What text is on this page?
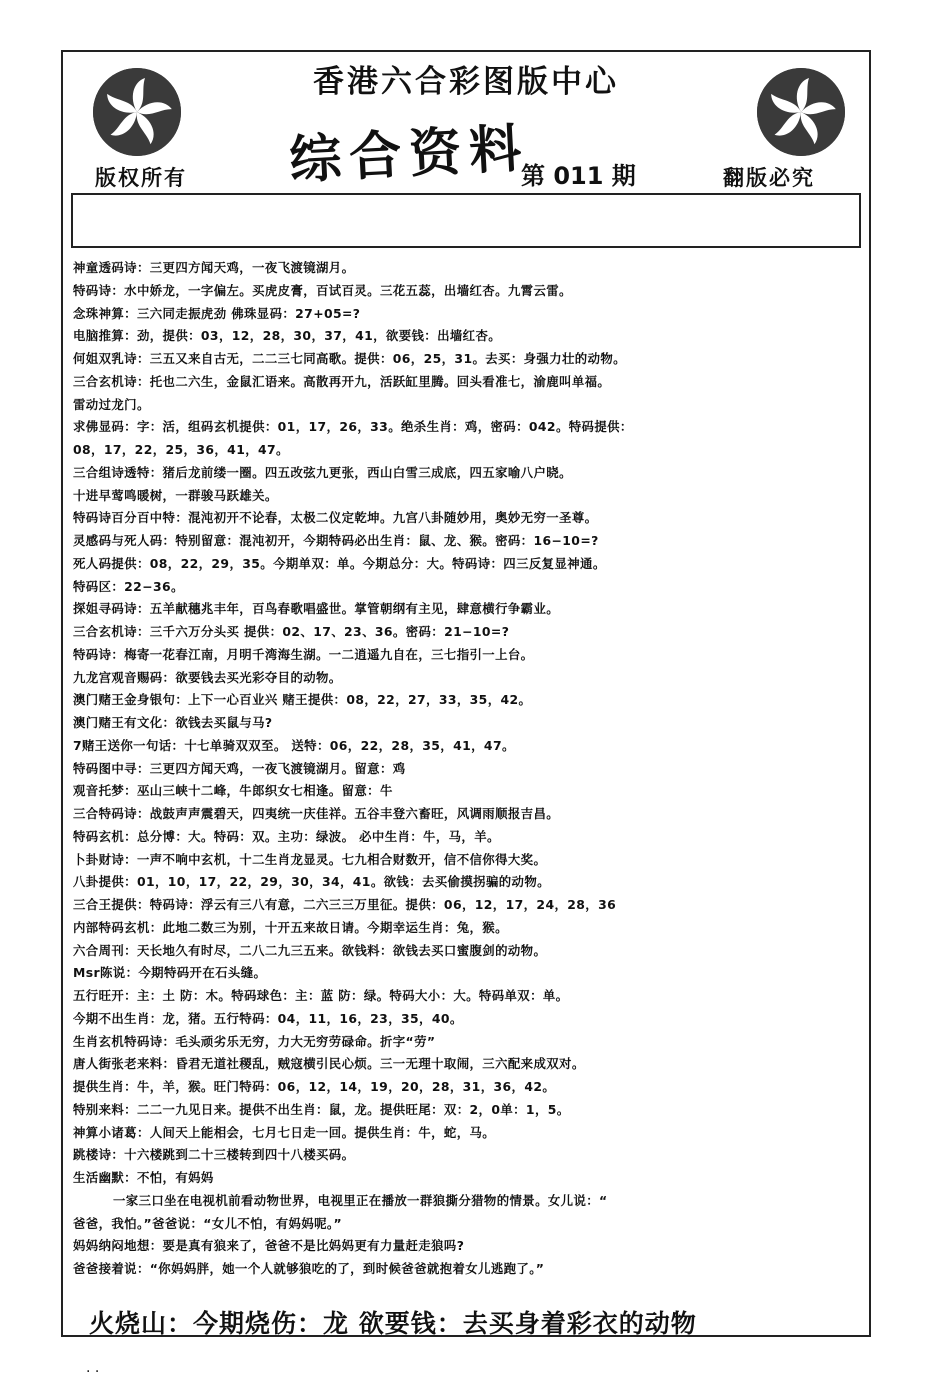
香港六合彩图版中心
综合资料
第 011 期
版权所有	翻版必究
神童透码诗：三更四方闻天鸡，一夜飞渡镜湖月。
特码诗：水中娇龙，一字偏左。买虎皮膏，百试百灵。三花五蕊，出墙红杏。九霄云雷。
念珠神算：三六同走振虎劲 佛珠显码：27+05=?
电脑推算：劲，提供：03，12，28，30，37，41，欲要钱：出墙红杏。
何姐双乳诗：三五又来自古无，二二三七同高歌。提供：06，25，31。去买：身强力壮的动物。
三合玄机诗：托也二六生，金鼠汇语来。高散再开九，活跃缸里腾。回头看准七，渝鹿叫单福。
雷动过龙门。
求佛显码：字：活，组码玄机提供：01，17，26，33。绝杀生肖：鸡，密码：042。特码提供：
08，17，22，25，36，41，47。
三合组诗透特：猪后龙前缕一圈。四五改弦九更张，西山白雪三成底，四五家喻八户晓。
十进早莺鸣暖树，一群骏马跃雄关。
特码诗百分百中特：混沌初开不论春，太极二仪定乾坤。九宫八卦随妙用，奥妙无穷一圣尊。
灵感码与死人码：特别留意：混沌初开，今期特码必出生肖：鼠、龙、猴。密码：16−10=?
死人码提供：08，22，29，35。今期单双：单。今期总分：大。特码诗：四三反复显神通。
特码区：22−36。
探姐寻码诗：五羊献穗兆丰年，百鸟春歌唱盛世。掌管朝纲有主见，肆意横行争霸业。
三合玄机诗：三千六万分头买 提供：02、17、23、36。密码：21−10=?
特码诗：梅寄一花春江南，月明千湾海生湖。一二逍遥九自在，三七指引一上台。
九龙宫观音赐码：欲要钱去买光彩夺目的动物。
澳门赌王金身银句：上下一心百业兴 赌王提供：08，22，27，33，35，42。
澳门赌王有文化：欲钱去买鼠与马?
7赌王送你一句话：十七单骑双双至。 送特：06，22，28，35，41，47。
特码图中寻：三更四方闻天鸡，一夜飞渡镜湖月。留意：鸡
观音托梦：巫山三峡十二峰，牛郎织女七相逢。留意：牛
三合特码诗：战鼓声声震碧天，四夷统一庆佳祥。五谷丰登六畜旺，风调雨顺报吉昌。
特码玄机：总分博：大。特码：双。主功：绿波。 必中生肖：牛，马，羊。
卜卦财诗：一声不响中玄机，十二生肖龙显灵。七九相合财数开，信不信你得大奖。
八卦提供：01，10，17，22，29，30，34，41。欲钱：去买偷摸拐骗的动物。
三合王提供：特码诗：浮云有三八有意，二六三三万里征。提供：06，12，17，24，28，36
内部特码玄机：此地二数三为别，十开五来故日请。今期幸运生肖：兔，猴。
六合周刊：天长地久有时尽，二八二九三五来。欲钱料：欲钱去买口蜜腹剑的动物。
Msr陈说：今期特码开在石头缝。
五行旺开：主：土 防：木。特码球色：主：蓝 防：绿。特码大小：大。特码单双：单。
今期不出生肖：龙，猪。五行特码：04，11，16，23，35，40。
生肖玄机特码诗：毛头顽劣乐无穷，力大无穷劳碌命。折字“劳”
唐人街张老来料：昏君无道社稷乱，贼寇横引民心烦。三一无理十取闹，三六配来成双对。
提供生肖：牛，羊，猴。旺门特码：06，12，14，19，20，28，31，36，42。
特别来料：二二一九见日来。提供不出生肖：鼠，龙。提供旺尾：双：2，0单：1，5。
神算小诸葛：人间天上能相会，七月七日走一回。提供生肖：牛，蛇，马。
跳楼诗：十六楼跳到二十三楼转到四十八楼买码。
生活幽默：不怕，有妈妈
一家三口坐在电视机前看动物世界，电视里正在播放一群狼撕分猎物的情景。女儿说：“
爸爸，我怕。”爸爸说：“女儿不怕，有妈妈呢。”
妈妈纳闷地想：要是真有狼来了，爸爸不是比妈妈更有力量赶走狼吗?
爸爸接着说：“你妈妈胖，她一个人就够狼吃的了，到时候爸爸就抱着女儿逃跑了。”
火烧山：今期烧伤：龙 欲要钱：去买身着彩衣的动物
. .
